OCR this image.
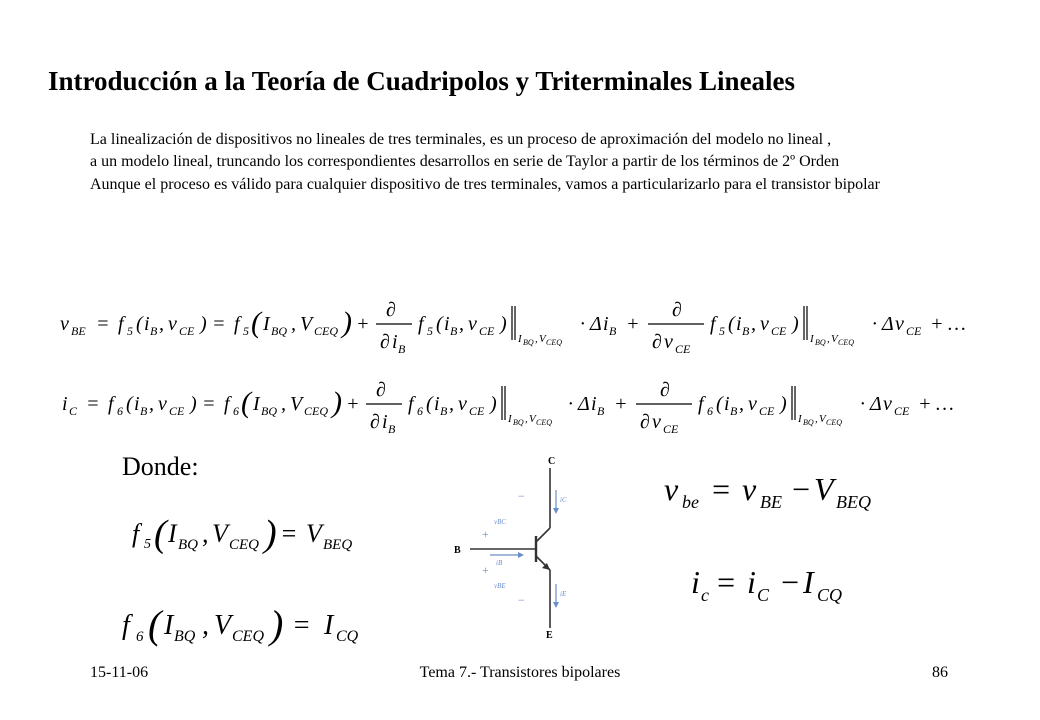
Introducción a la Teoría de Cuadripolos y Triterminales Lineales

La linealización de dispositivos no lineales de tres terminales, es un proceso de aproximación del modelo no lineal ,

a un modelo lineal, truncando los correspondientes desarrollos en serie de Taylor a partir de los términos de 2º Orden

Aunque el proceso es válido para cualquier dispositivo de tres terminales, vamos a particularizarlo para el transistor bipolar

v BE = f 5 ( i B , v CE ) = f 5 ( I BQ , V CEQ ) +
∂
∂ i B
f 5 ( i B , v CE )
I BQ , V CEQ
· Δ i B +
∂
∂ v CE
f 5 ( i B , v CE )
I BQ , V CEQ
· Δ v CE + …
i C = f 6 ( i B , v CE ) = f 6 ( I BQ , V CEQ ) +
∂
∂ i B
f 6 ( i B , v CE )
I BQ , V CEQ
· Δ i B +
∂
∂ v CE
f 6 ( i B , v CE )
I BQ , V CEQ
· Δ v CE + …
Donde:
f 5 ( I BQ , V CEQ ) = V BEQ
f 6 ( I BQ , V CEQ ) = I CQ
C
B
E
iC
iE
iB
vBC
vBE
−
+
+
−
v be = v BE − V BEQ
i c = i C − I CQ
15-11-06	Tema 7.- Transistores bipolares	86
